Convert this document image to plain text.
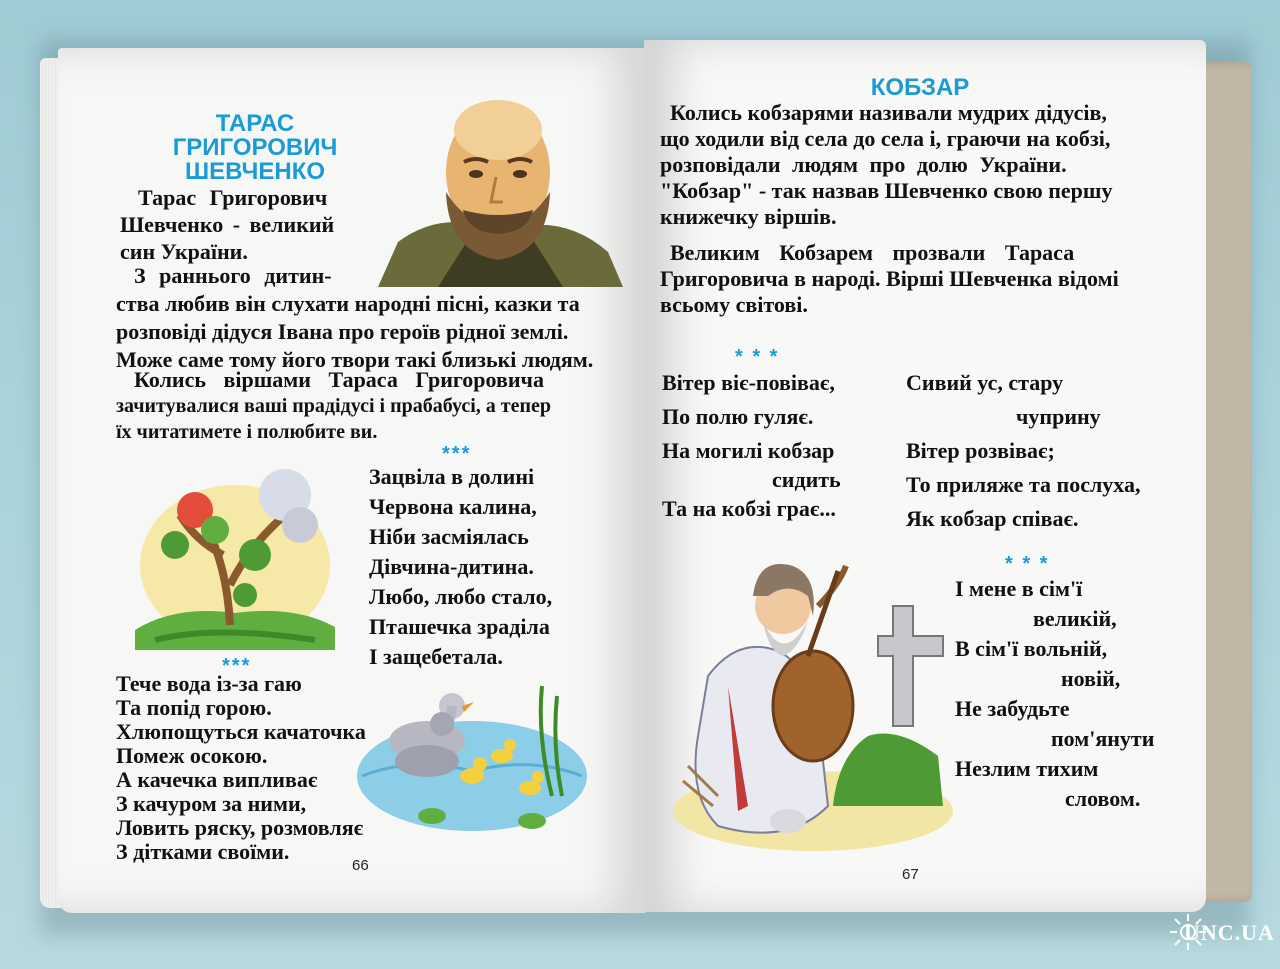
ТАРАС
ГРИГОРОВИЧ
ШЕВЧЕНКО
Тарас Григорович
Шевченко - великий
син України.
З раннього дитин-
ства любив він слухати народні пісні, казки та
розповіді дідуся Івана про героїв рідної землі.
Може саме тому його твори такі близькі людям.
Колись віршами Тараса Григоровича
зачитувалися ваші прадідусі і прабабусі, а тепер
їх читатимете і полюбите ви.
***
Зацвіла в долині
Червона калина,
Ніби засміялась
Дівчина-дитина.
Любо, любо стало,
Пташечка зраділа
І защебетала.
***
Тече вода із-за гаю
Та попід горою.
Хлюпощуться качаточка
Помеж осокою.
А качечка випливає
З качуром за ними,
Ловить ряску, розмовляє
З дітками своїми.
66
КОБЗАР
Колись кобзарями називали мудрих дідусів,
що ходили від села до села і, граючи на кобзі,
розповідали людям про долю України.
"Кобзар" - так назвав Шевченко свою першу
книжечку віршів.
Великим Кобзарем прозвали Тараса
Григоровича в народі. Вірші Шевченка відомі
всьому світові.
* * *
Вітер віє-повіває,
По полю гуляє.
На могилі кобзар
сидить
Та на кобзі грає...
Сивий ус, стару
чуприну
Вітер розвіває;
То приляже та послуха,
Як кобзар співає.
* * *
І мене в сім'ї
великій,
В сім'ї вольній,
новій,
Не забудьте
пом'янути
Незлим тихим
словом.
67
UNC.UA
